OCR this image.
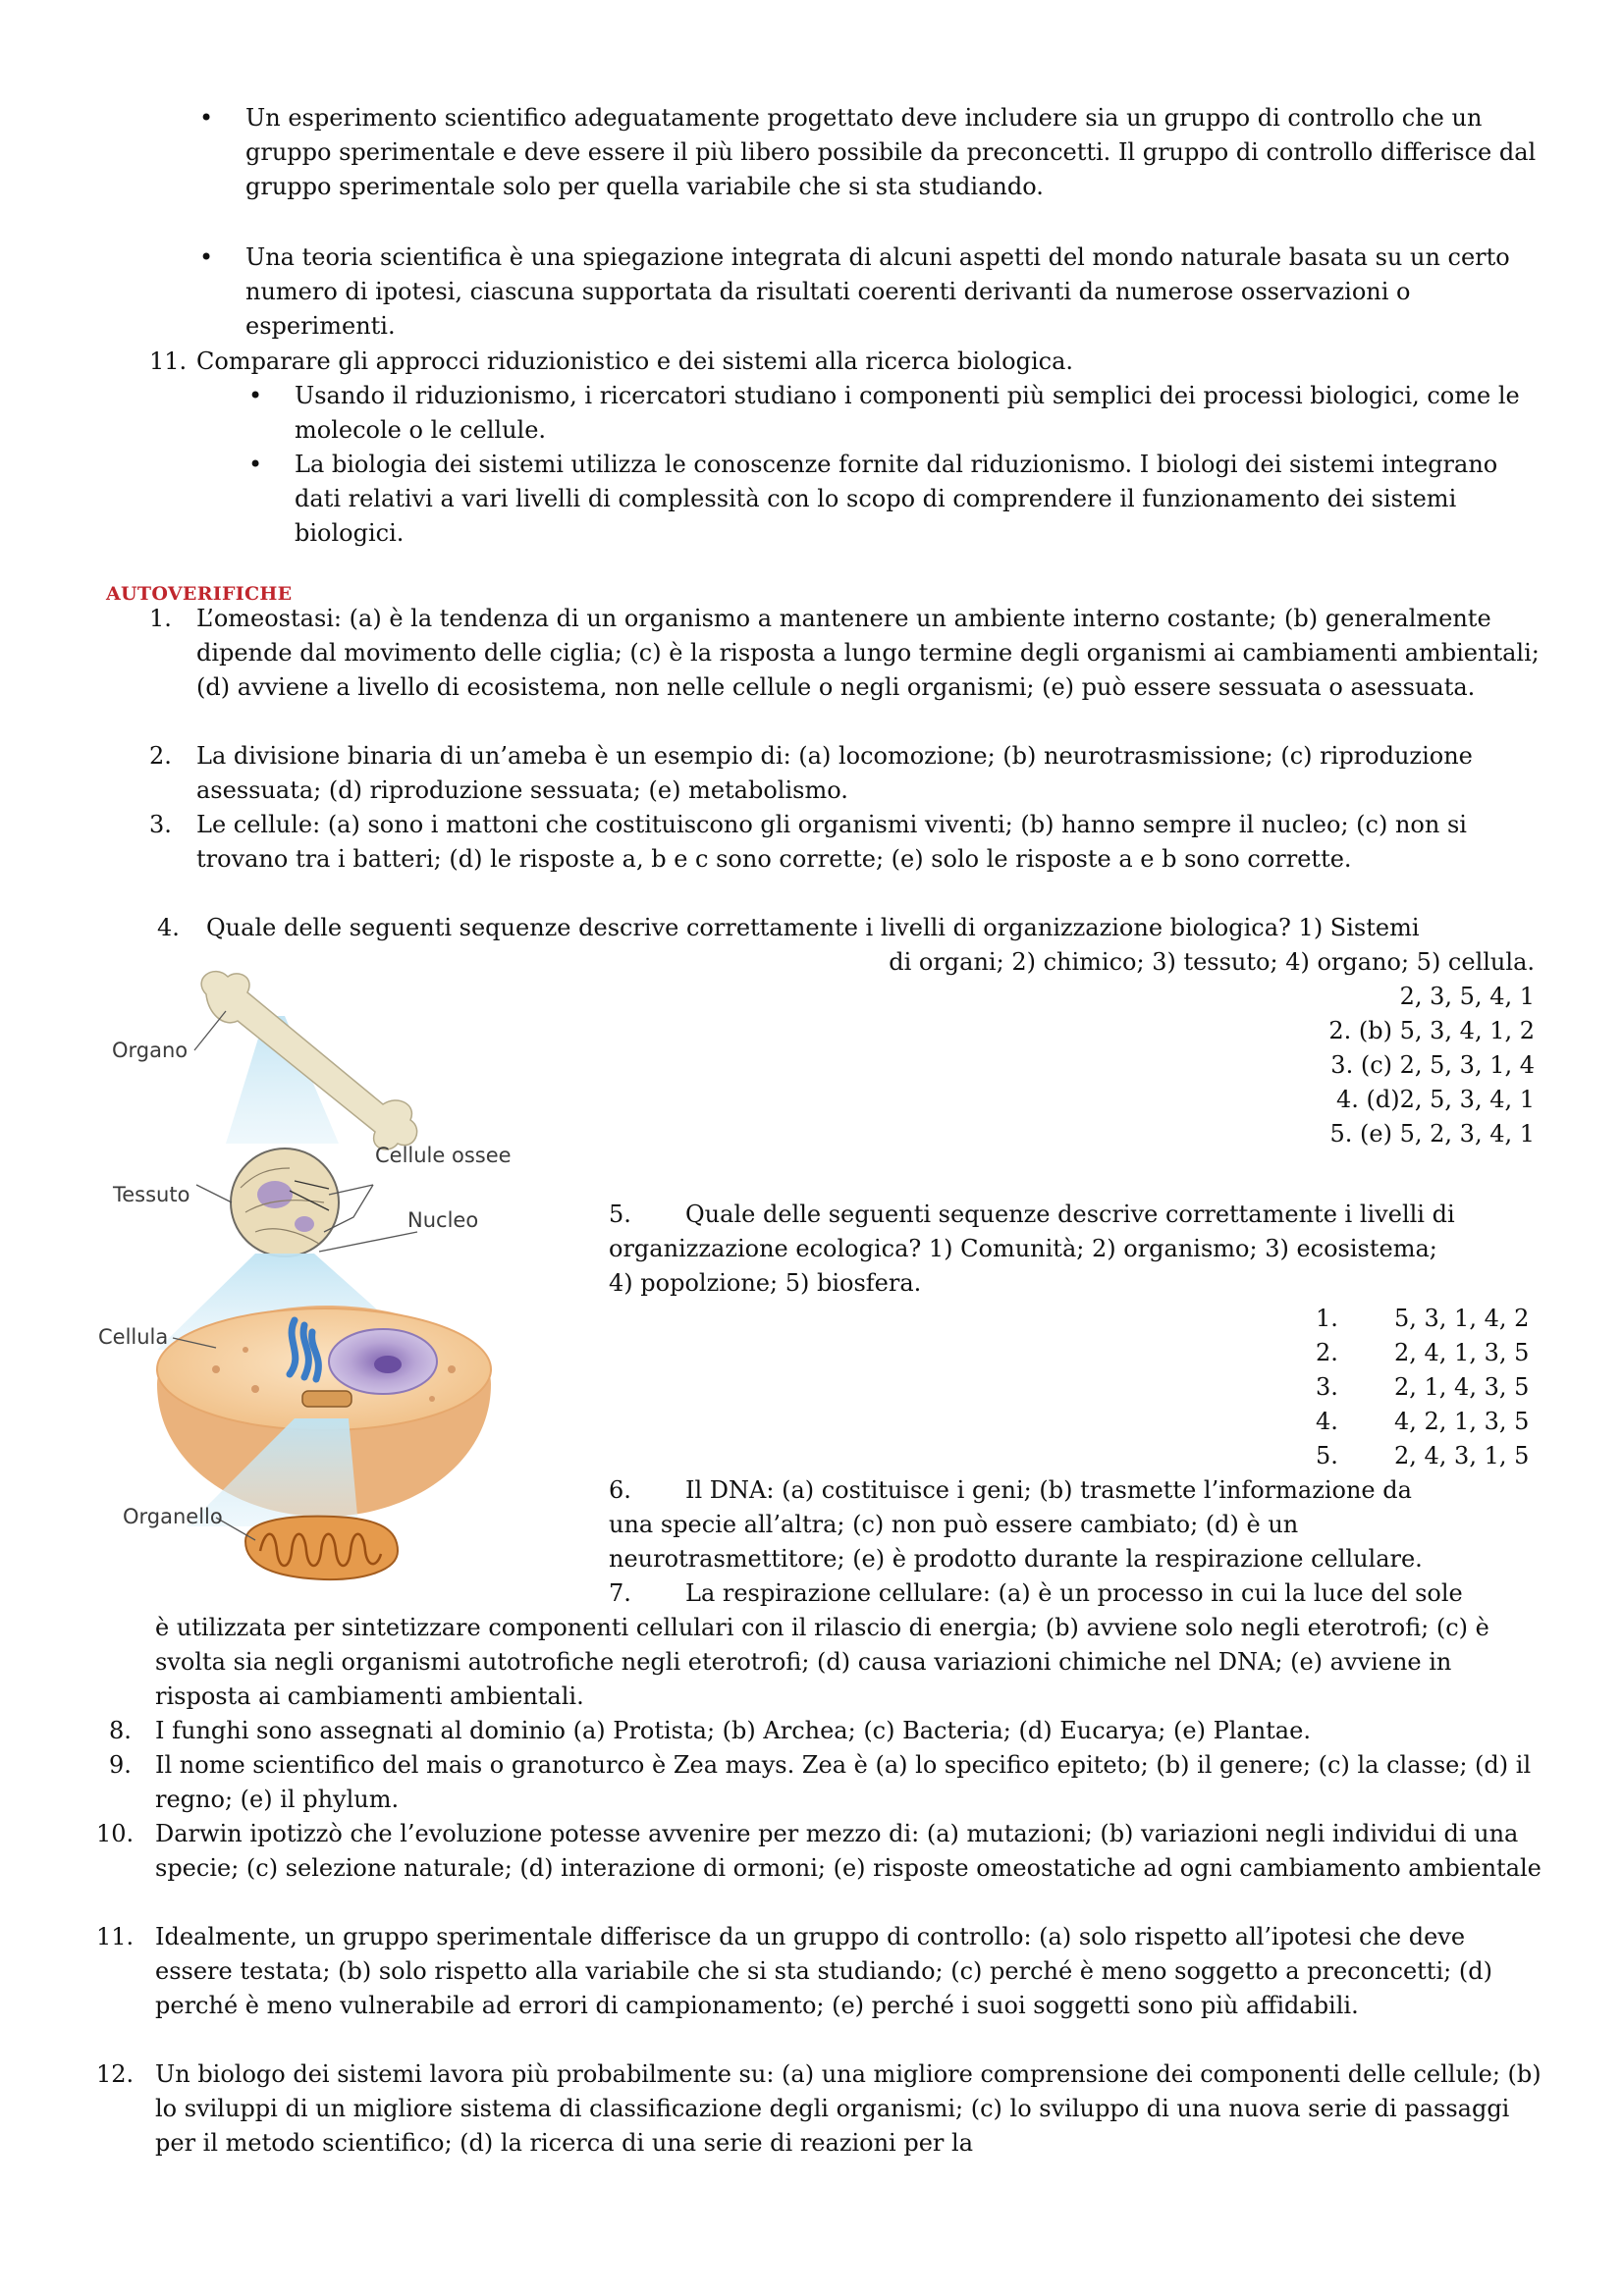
• Un esperimento scientifico adeguatamente progettato deve includere sia un gruppo di controllo che un gruppo sperimentale e deve essere il più libero possibile da preconcetti. Il gruppo di controllo differisce dal gruppo sperimentale solo per quella variabile che si sta studiando.
• Una teoria scientifica è una spiegazione integrata di alcuni aspetti del mondo naturale basata su un certo numero di ipotesi, ciascuna supportata da risultati coerenti derivanti da numerose osservazioni o esperimenti.
11. Comparare gli approcci riduzionistico e dei sistemi alla ricerca biologica.
• Usando il riduzionismo, i ricercatori studiano i componenti più semplici dei processi biologici, come le molecole o le cellule.
• La biologia dei sistemi utilizza le conoscenze fornite dal riduzionismo. I biologi dei sistemi integrano dati relativi a vari livelli di complessità con lo scopo di comprendere il funzionamento dei sistemi biologici.
AUTOVERIFICHE
1. L’omeostasi: (a) è la tendenza di un organismo a mantenere un ambiente interno costante; (b) generalmente dipende dal movimento delle ciglia; (c) è la risposta a lungo termine degli organismi ai cambiamenti ambientali; (d) avviene a livello di ecosistema, non nelle cellule o negli organismi; (e) può essere sessuata o asessuata.
2. La divisione binaria di un’ameba è un esempio di: (a) locomozione; (b) neurotrasmissione; (c) riproduzione asessuata; (d) riproduzione sessuata; (e) metabolismo.
3. Le cellule: (a) sono i mattoni che costituiscono gli organismi viventi; (b) hanno sempre il nucleo; (c) non si trovano tra i batteri; (d) le risposte a, b e c sono corrette; (e) solo le risposte a e b sono corrette.
4. Quale delle seguenti sequenze descrive correttamente i livelli di organizzazione biologica? 1) Sistemi
di organi; 2) chimico; 3) tessuto; 4) organo; 5) cellula.
2, 3, 5, 4, 1
2. (b) 5, 3, 4, 1, 2
3. (c) 2, 5, 3, 1, 4
4. (d)2, 5, 3, 4, 1
5. (e) 5, 2, 3, 4, 1
Organo
Cellule ossee
Tessuto
Nucleo
Cellula
Organello
5. Quale delle seguenti sequenze descrive correttamente i livelli di
organizzazione ecologica? 1) Comunità; 2) organismo; 3) ecosistema;
4) popolzione; 5) biosfera.
1.	5, 3, 1, 4, 2
2.	2, 4, 1, 3, 5
3.	2, 1, 4, 3, 5
4.	4, 2, 1, 3, 5
5.	2, 4, 3, 1, 5
6. Il DNA: (a) costituisce i geni; (b) trasmette l’informazione da
una specie all’altra; (c) non può essere cambiato; (d) è un
neurotrasmettitore; (e) è prodotto durante la respirazione cellulare.
7. La respirazione cellulare: (a) è un processo in cui la luce del sole
è utilizzata per sintetizzare componenti cellulari con il rilascio di energia; (b) avviene solo negli eterotrofi; (c) è svolta sia negli organismi autotrofiche negli eterotrofi; (d) causa variazioni chimiche nel DNA; (e) avviene in risposta ai cambiamenti ambientali.
8. I funghi sono assegnati al dominio (a) Protista; (b) Archea; (c) Bacteria; (d) Eucarya; (e) Plantae.
9. Il nome scientifico del mais o granoturco è Zea mays. Zea è (a) lo specifico epiteto; (b) il genere; (c) la classe; (d) il regno; (e) il phylum.
10. Darwin ipotizzò che l’evoluzione potesse avvenire per mezzo di: (a) mutazioni; (b) variazioni negli individui di una specie; (c) selezione naturale; (d) interazione di ormoni; (e) risposte omeostatiche ad ogni cambiamento ambientale
11. Idealmente, un gruppo sperimentale differisce da un gruppo di controllo: (a) solo rispetto all’ipotesi che deve essere testata; (b) solo rispetto alla variabile che si sta studiando; (c) perché è meno soggetto a preconcetti; (d) perché è meno vulnerabile ad errori di campionamento; (e) perché i suoi soggetti sono più affidabili.
12. Un biologo dei sistemi lavora più probabilmente su: (a) una migliore comprensione dei componenti delle cellule; (b) lo sviluppi di un migliore sistema di classificazione degli organismi; (c) lo sviluppo di una nuova serie di passaggi per il metodo scientifico; (d) la ricerca di una serie di reazioni per la
